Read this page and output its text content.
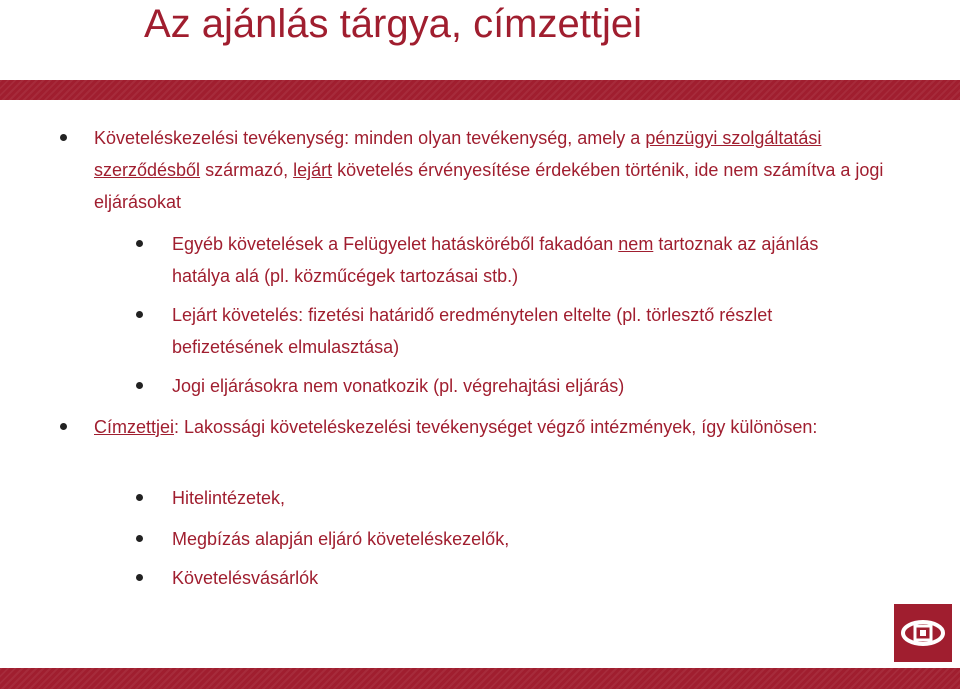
Az ajánlás tárgya, címzettjei
Követeléskezelési tevékenység: minden olyan tevékenység, amely a pénzügyi szolgáltatási szerződésből származó, lejárt követelés érvényesítése érdekében történik, ide nem számítva a jogi eljárásokat
Egyéb követelések a Felügyelet hatásköréből fakadóan nem tartoznak az ajánlás hatálya alá (pl. közműcégek tartozásai stb.)
Lejárt követelés: fizetési határidő eredménytelen eltelte (pl. törlesztő részlet befizetésének elmulasztása)
Jogi eljárásokra nem vonatkozik (pl. végrehajtási eljárás)
Címzettjei: Lakossági követeléskezelési tevékenységet végző intézmények, így különösen:
Hitelintézetek,
Megbízás alapján eljáró követeléskezelők,
Követelésvásárlók
